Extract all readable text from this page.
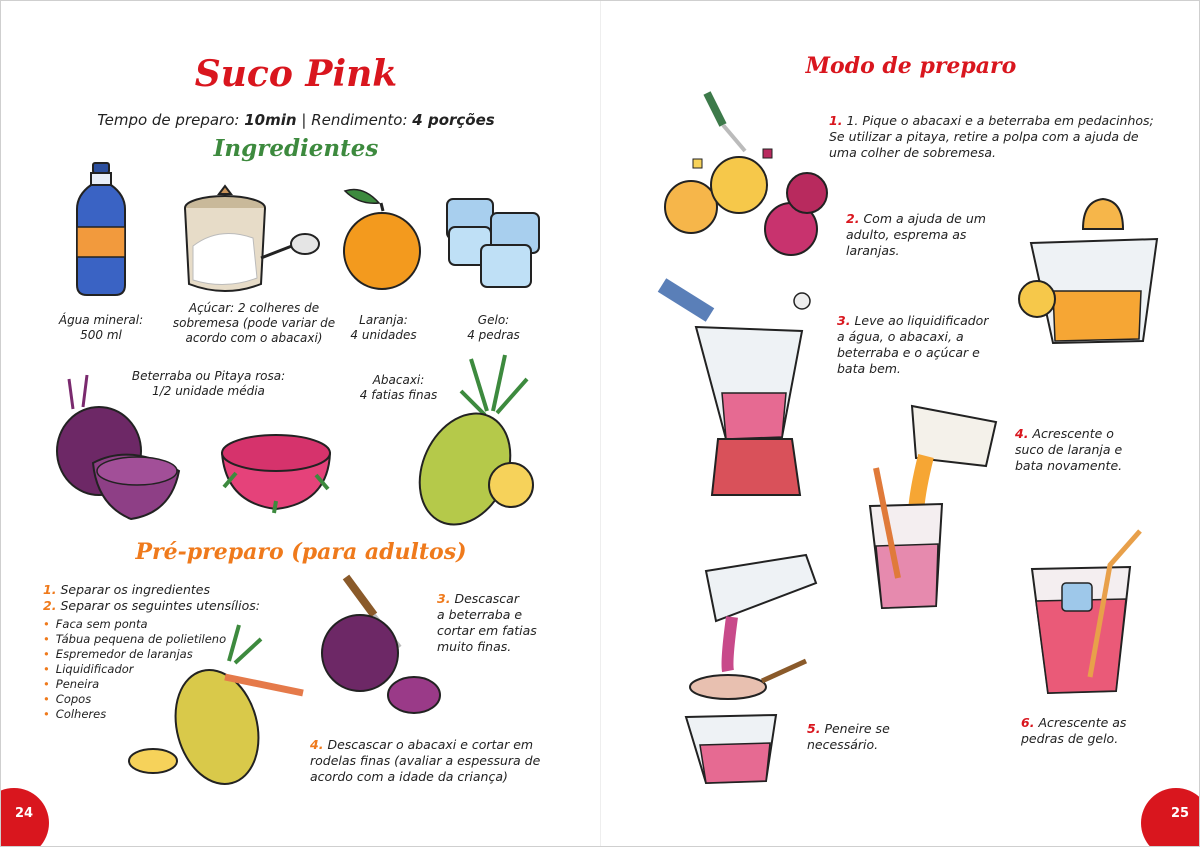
Suco Pink
Tempo de preparo: 10min | Rendimento: 4 porções
Ingredientes
Água mineral:
500 ml
Açúcar: 2 colheres de
sobremesa (pode variar de
acordo com o abacaxi)
Laranja:
4 unidades
Gelo:
4 pedras
Beterraba ou Pitaya rosa:
1/2 unidade média
Abacaxi:
4 fatias finas
Pré-preparo (para adultos)
1. Separar os ingredientes
2. Separar os seguintes utensílios:
• Faca sem ponta
• Tábua pequena de polietileno
• Espremedor de laranjas
• Liquidificador
• Peneira
• Copos
• Colheres
3. Descascar
a beterraba e
cortar em fatias
muito finas.
4. Descascar o abacaxi e cortar em
rodelas finas (avaliar a espessura de
acordo com a idade da criança)
24
Modo de preparo
1. 1. Pique o abacaxi e a beterraba em pedacinhos;
Se utilizar a pitaya, retire a polpa com a ajuda de
uma colher de sobremesa.
2. Com a ajuda de um
adulto, esprema as
laranjas.
3. Leve ao liquidificador
a água, o abacaxi, a
beterraba e o açúcar e
bata bem.
4. Acrescente o
suco de laranja e
bata novamente.
5. Peneire se
necessário.
6. Acrescente as
pedras de gelo.
25
